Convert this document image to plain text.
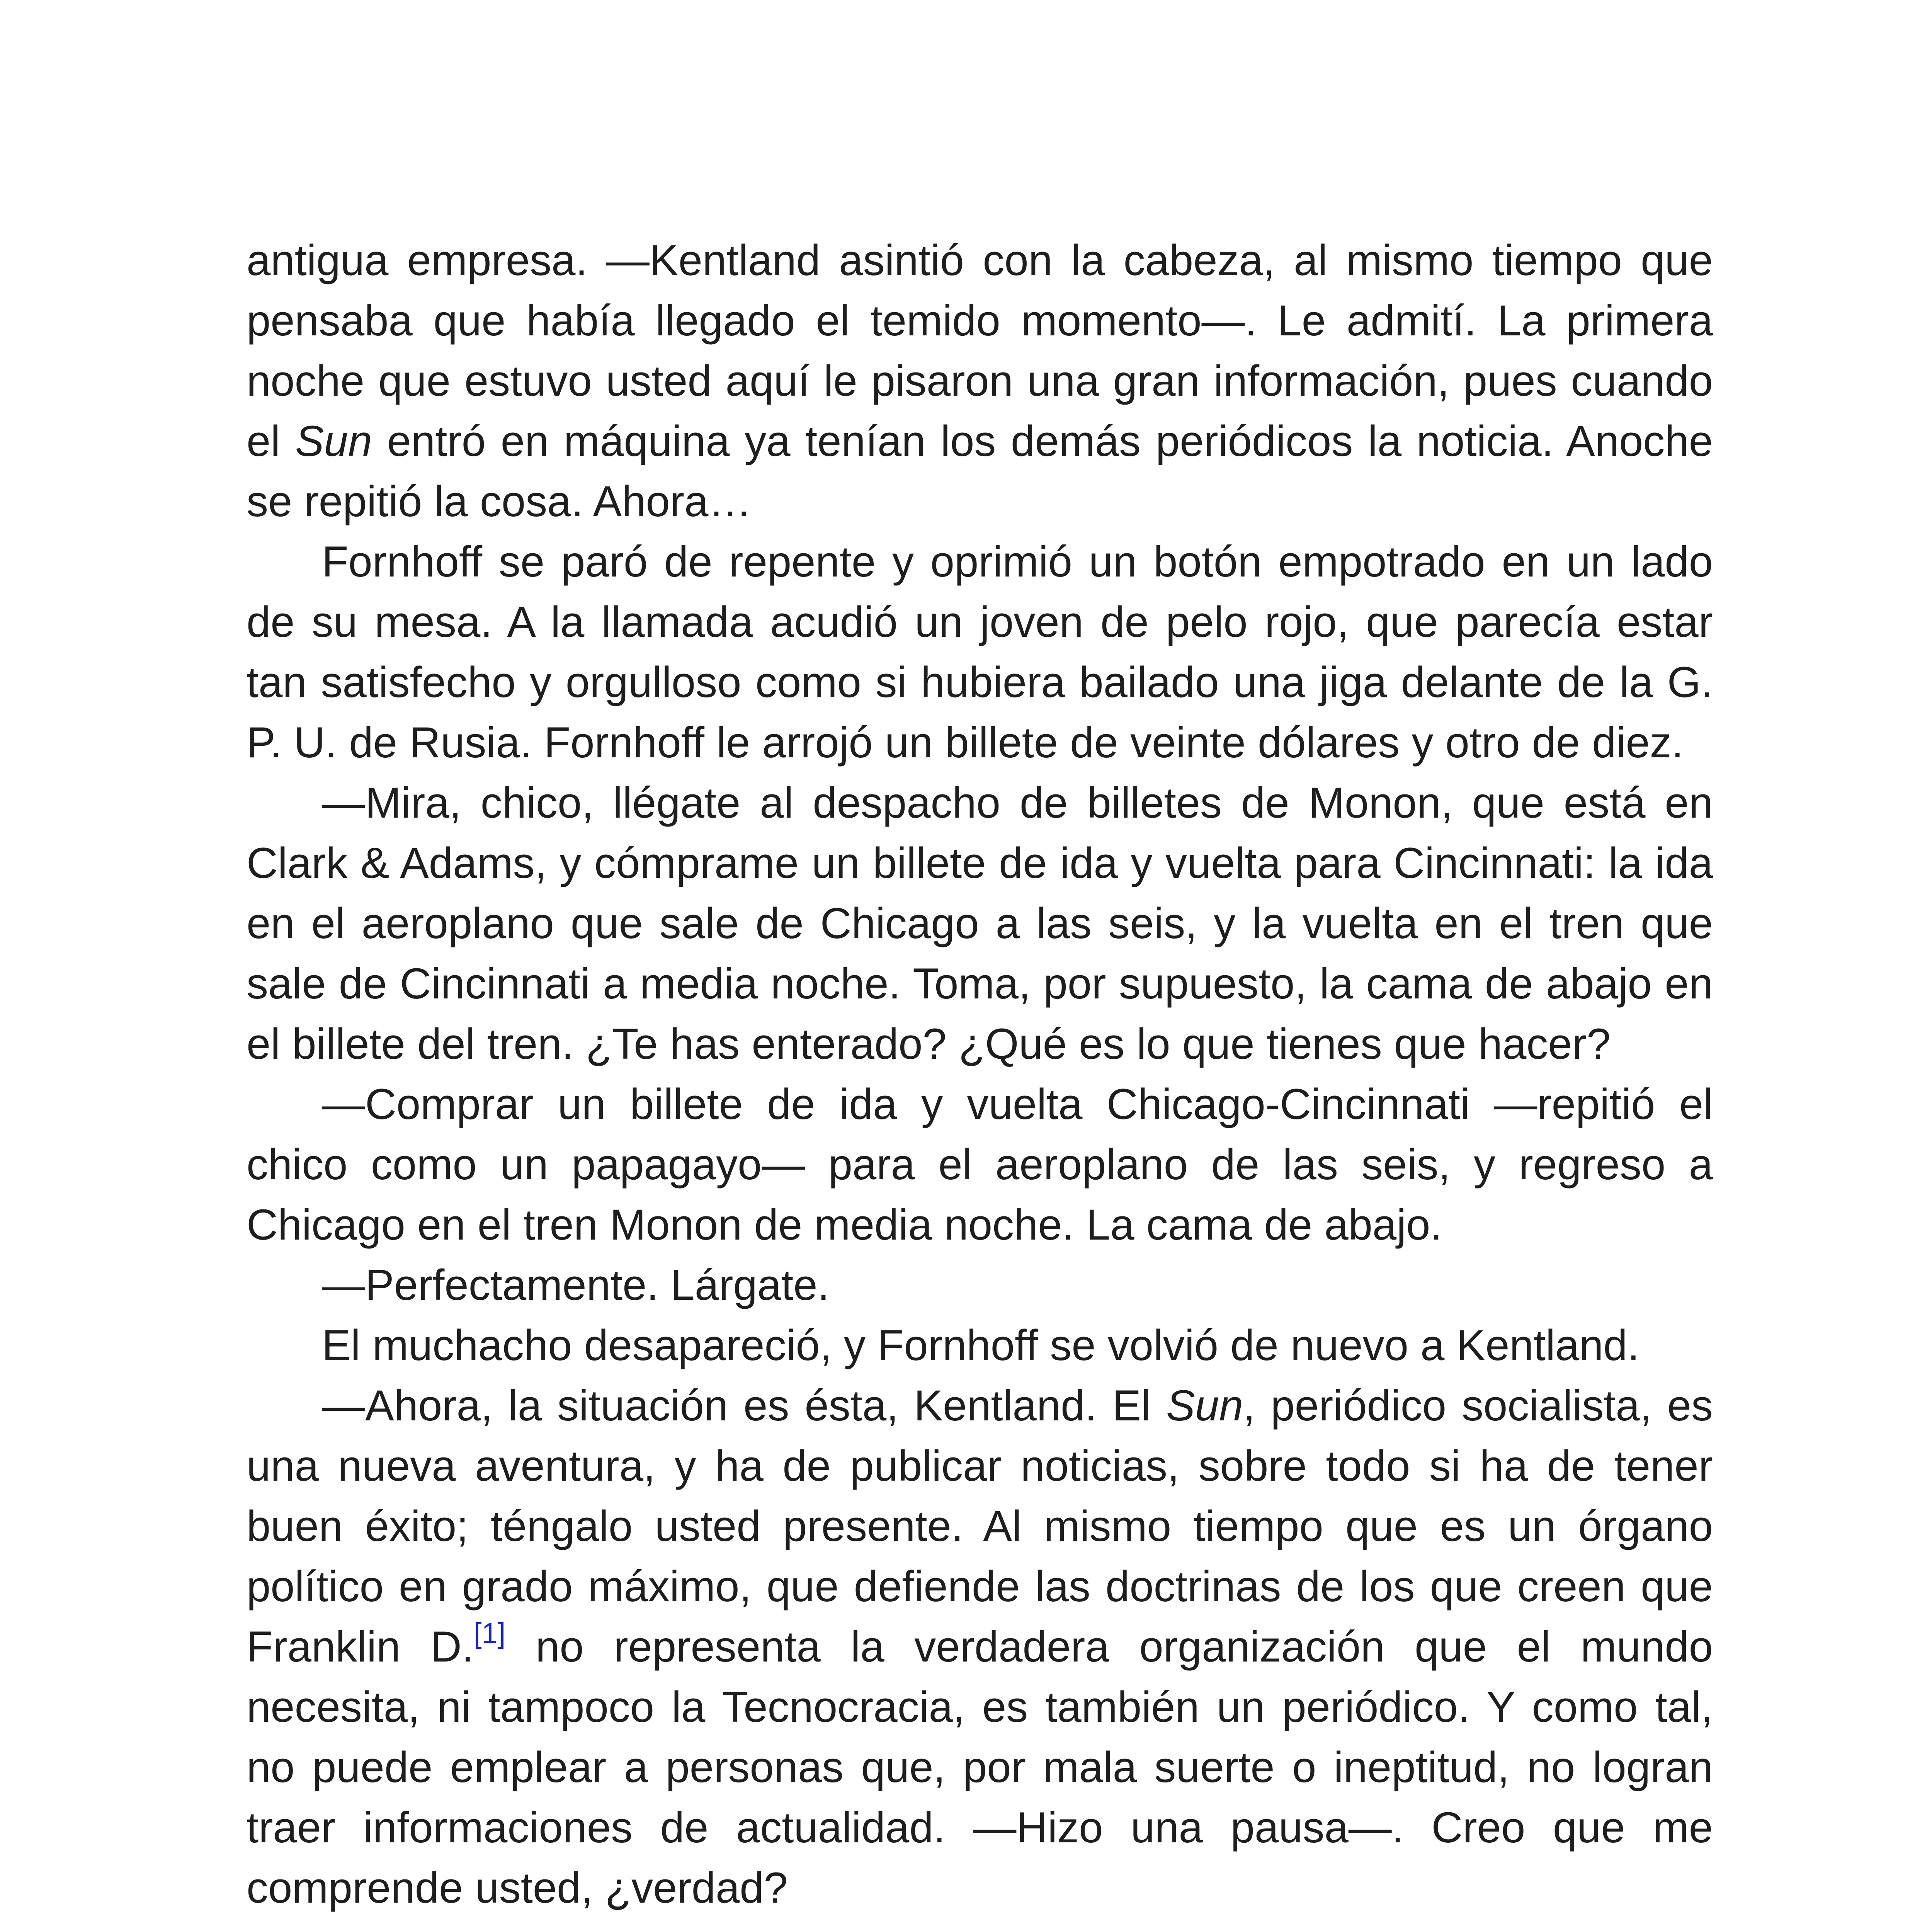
antigua empresa. —Kentland asintió con la cabeza, al mismo tiempo que pensaba que había llegado el temido momento—. Le admití. La primera noche que estuvo usted aquí le pisaron una gran información, pues cuando el Sun entró en máquina ya tenían los demás periódicos la noticia. Anoche se repitió la cosa. Ahora…

Fornhoff se paró de repente y oprimió un botón empotrado en un lado de su mesa. A la llamada acudió un joven de pelo rojo, que parecía estar tan satisfecho y orgulloso como si hubiera bailado una jiga delante de la G. P. U. de Rusia. Fornhoff le arrojó un billete de veinte dólares y otro de diez.

—Mira, chico, llégate al despacho de billetes de Monon, que está en Clark & Adams, y cómprame un billete de ida y vuelta para Cincinnati: la ida en el aeroplano que sale de Chicago a las seis, y la vuelta en el tren que sale de Cincinnati a media noche. Toma, por supuesto, la cama de abajo en el billete del tren. ¿Te has enterado? ¿Qué es lo que tienes que hacer?

—Comprar un billete de ida y vuelta Chicago-Cincinnati —repitió el chico como un papagayo— para el aeroplano de las seis, y regreso a Chicago en el tren Monon de media noche. La cama de abajo.

—Perfectamente. Lárgate.

El muchacho desapareció, y Fornhoff se volvió de nuevo a Kentland.

—Ahora, la situación es ésta, Kentland. El Sun, periódico socialista, es una nueva aventura, y ha de publicar noticias, sobre todo si ha de tener buen éxito; téngalo usted presente. Al mismo tiempo que es un órgano político en grado máximo, que defiende las doctrinas de los que creen que Franklin D.[1] no representa la verdadera organización que el mundo necesita, ni tampoco la Tecnocracia, es también un periódico. Y como tal, no puede emplear a personas que, por mala suerte o ineptitud, no logran traer informaciones de actualidad. —Hizo una pausa—. Creo que me comprende usted, ¿verdad?
